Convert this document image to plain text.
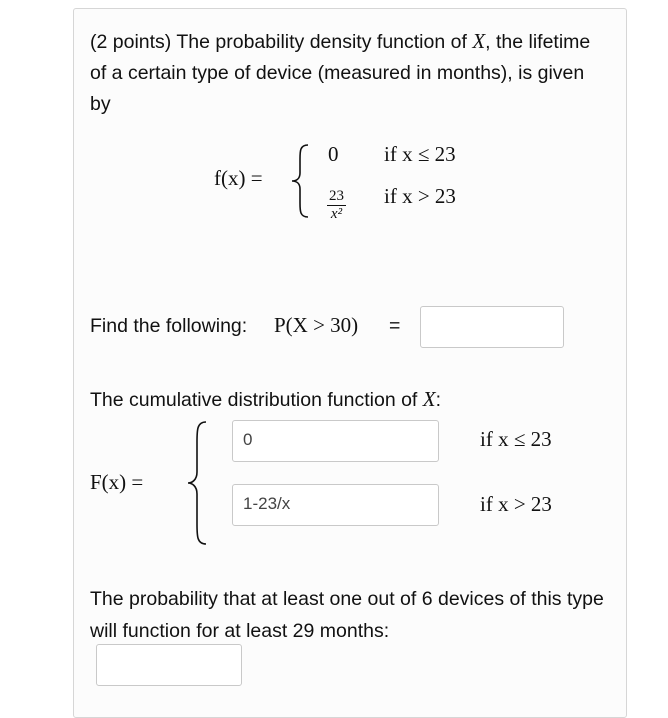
(2 points) The probability density function of X, the lifetime of a certain type of device (measured in months), is given by
f(x) =
0 if x ≤ 23
$\frac{23}{\text{x²}}$ if x > 23
Find the following: P(X > 30) =
The cumulative distribution function of X:
F(x) =
0	if x ≤ 23
1-23/x	if x > 23
The probability that at least one out of 6 devices of this type will function for at least 29 months:
